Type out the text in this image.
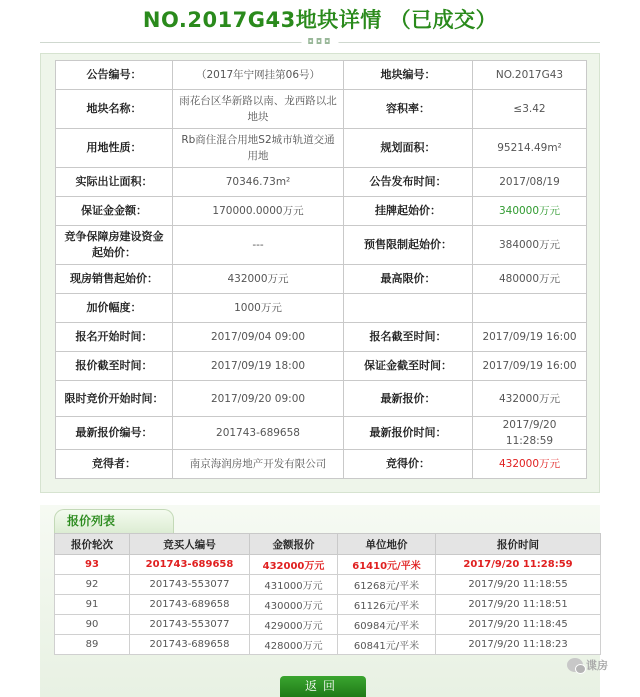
NO.2017G43地块详情 （已成交）
◘◘◘
公告编号：	（2017年宁网挂第06号）	地块编号：	NO.2017G43
地块名称：	雨花台区华新路以南、龙西路以北地块	容积率：	≤3.42
用地性质：	Rb商住混合用地S2城市轨道交通用地	规划面积：	95214.49m²
实际出让面积：	70346.73m²	公告发布时间：	2017/08/19
保证金金额：	170000.0000万元	挂牌起始价：	340000万元
竞争保障房建设资金起始价：	---	预售限制起始价：	384000万元
现房销售起始价：	432000万元	最高限价：	480000万元
加价幅度：	1000万元		
报名开始时间：	2017/09/04 09:00	报名截至时间：	2017/09/19 16:00
报价截至时间：	2017/09/19 18:00	保证金截至时间：	2017/09/19 16:00
限时竞价开始时间：	2017/09/20 09:00	最新报价：	432000万元
最新报价编号：	201743-689658	最新报价时间：	2017/9/20 11:28:59
竞得者：	南京海润房地产开发有限公司	竞得价：	432000万元
报价列表
报价轮次	竞买人编号	金额报价	单位地价	报价时间
93	201743-689658	432000万元	61410元/平米	2017/9/20 11:28:59
92	201743-553077	431000万元	61268元/平米	2017/9/20 11:18:55
91	201743-689658	430000万元	61126元/平米	2017/9/20 11:18:51
90	201743-553077	429000万元	60984元/平米	2017/9/20 11:18:45
89	201743-689658	428000万元	60841元/平米	2017/9/20 11:18:23
返回
谍房
